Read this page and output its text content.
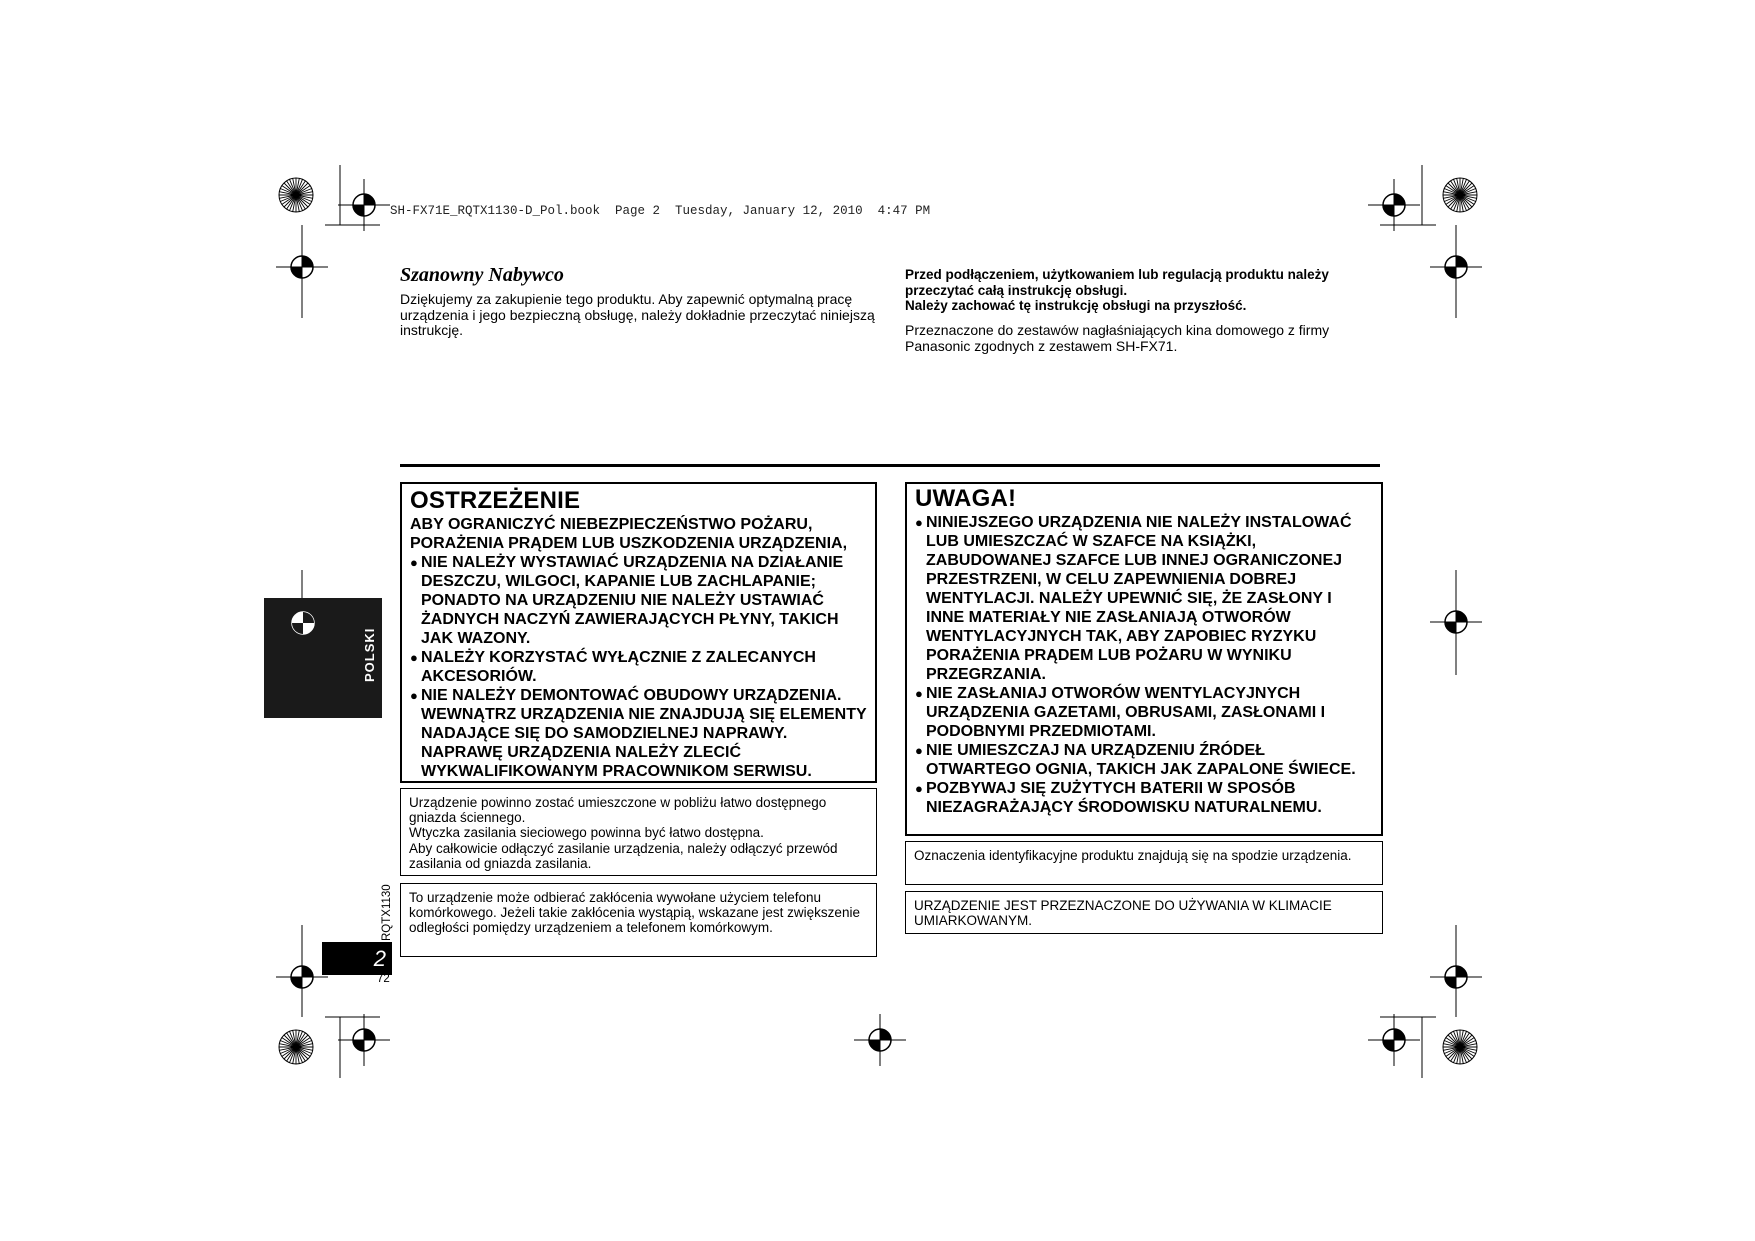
SH-FX71E_RQTX1130-D_Pol.book  Page 2  Tuesday, January 12, 2010  4:47 PM
Szanowny Nabywco
Dziękujemy za zakupienie tego produktu. Aby zapewnić optymalną pracę urządzenia i jego bezpieczną obsługę, należy dokładnie przeczytać niniejszą instrukcję.
Przed podłączeniem, użytkowaniem lub regulacją produktu należy przeczytać całą instrukcję obsługi.
Należy zachować tę instrukcję obsługi na przyszłość.
Przeznaczone do zestawów nagłaśniających kina domowego z firmy Panasonic zgodnych z zestawem SH-FX71.
POLSKI
OSTRZEŻENIE
ABY OGRANICZYĆ NIEBEZPIECZEŃSTWO POŻARU, PORAŻENIA PRĄDEM LUB USZKODZENIA URZĄDZENIA,
● NIE NALEŻY WYSTAWIAĆ URZĄDZENIA NA DZIAŁANIE DESZCZU, WILGOCI, KAPANIE LUB ZACHLAPANIE; PONADTO NA URZĄDZENIU NIE NALEŻY USTAWIAĆ ŻADNYCH NACZYŃ ZAWIERAJĄCYCH PŁYNY, TAKICH JAK WAZONY.
● NALEŻY KORZYSTAĆ WYŁĄCZNIE Z ZALECANYCH AKCESORIÓW.
● NIE NALEŻY DEMONTOWAĆ OBUDOWY URZĄDZENIA. WEWNĄTRZ URZĄDZENIA NIE ZNAJDUJĄ SIĘ ELEMENTY NADAJĄCE SIĘ DO SAMODZIELNEJ NAPRAWY. NAPRAWĘ URZĄDZENIA NALEŻY ZLECIĆ WYKWALIFIKOWANYM PRACOWNIKOM SERWISU.
Urządzenie powinno zostać umieszczone w pobliżu łatwo dostępnego gniazda ściennego.
Wtyczka zasilania sieciowego powinna być łatwo dostępna.
Aby całkowicie odłączyć zasilanie urządzenia, należy odłączyć przewód zasilania od gniazda zasilania.
To urządzenie może odbierać zakłócenia wywołane użyciem telefonu komórkowego. Jeżeli takie zakłócenia wystąpią, wskazane jest zwiększenie odległości pomiędzy urządzeniem a telefonem komórkowym.
UWAGA!
● NINIEJSZEGO URZĄDZENIA NIE NALEŻY INSTALOWAĆ LUB UMIESZCZAĆ W SZAFCE NA KSIĄŻKI, ZABUDOWANEJ SZAFCE LUB INNEJ OGRANICZONEJ PRZESTRZENI, W CELU ZAPEWNIENIA DOBREJ WENTYLACJI. NALEŻY UPEWNIĆ SIĘ, ŻE ZASŁONY I INNE MATERIAŁY NIE ZASŁANIAJĄ OTWORÓW WENTYLACYJNYCH TAK, ABY ZAPOBIEC RYZYKU PORAŻENIA PRĄDEM LUB POŻARU W WYNIKU PRZEGRZANIA.
● NIE ZASŁANIAJ OTWORÓW WENTYLACYJNYCH URZĄDZENIA GAZETAMI, OBRUSAMI, ZASŁONAMI I PODOBNYMI PRZEDMIOTAMI.
● NIE UMIESZCZAJ NA URZĄDZENIU ŹRÓDEŁ OTWARTEGO OGNIA, TAKICH JAK ZAPALONE ŚWIECE.
● POZBYWAJ SIĘ ZUŻYTYCH BATERII W SPOSÓB NIEZAGRAŻAJĄCY ŚRODOWISKU NATURALNEMU.
Oznaczenia identyfikacyjne produktu znajdują się na spodzie urządzenia.
URZĄDZENIE JEST PRZEZNACZONE DO UŻYWANIA W KLIMACIE UMIARKOWANYM.
RQTX1130
2
72
